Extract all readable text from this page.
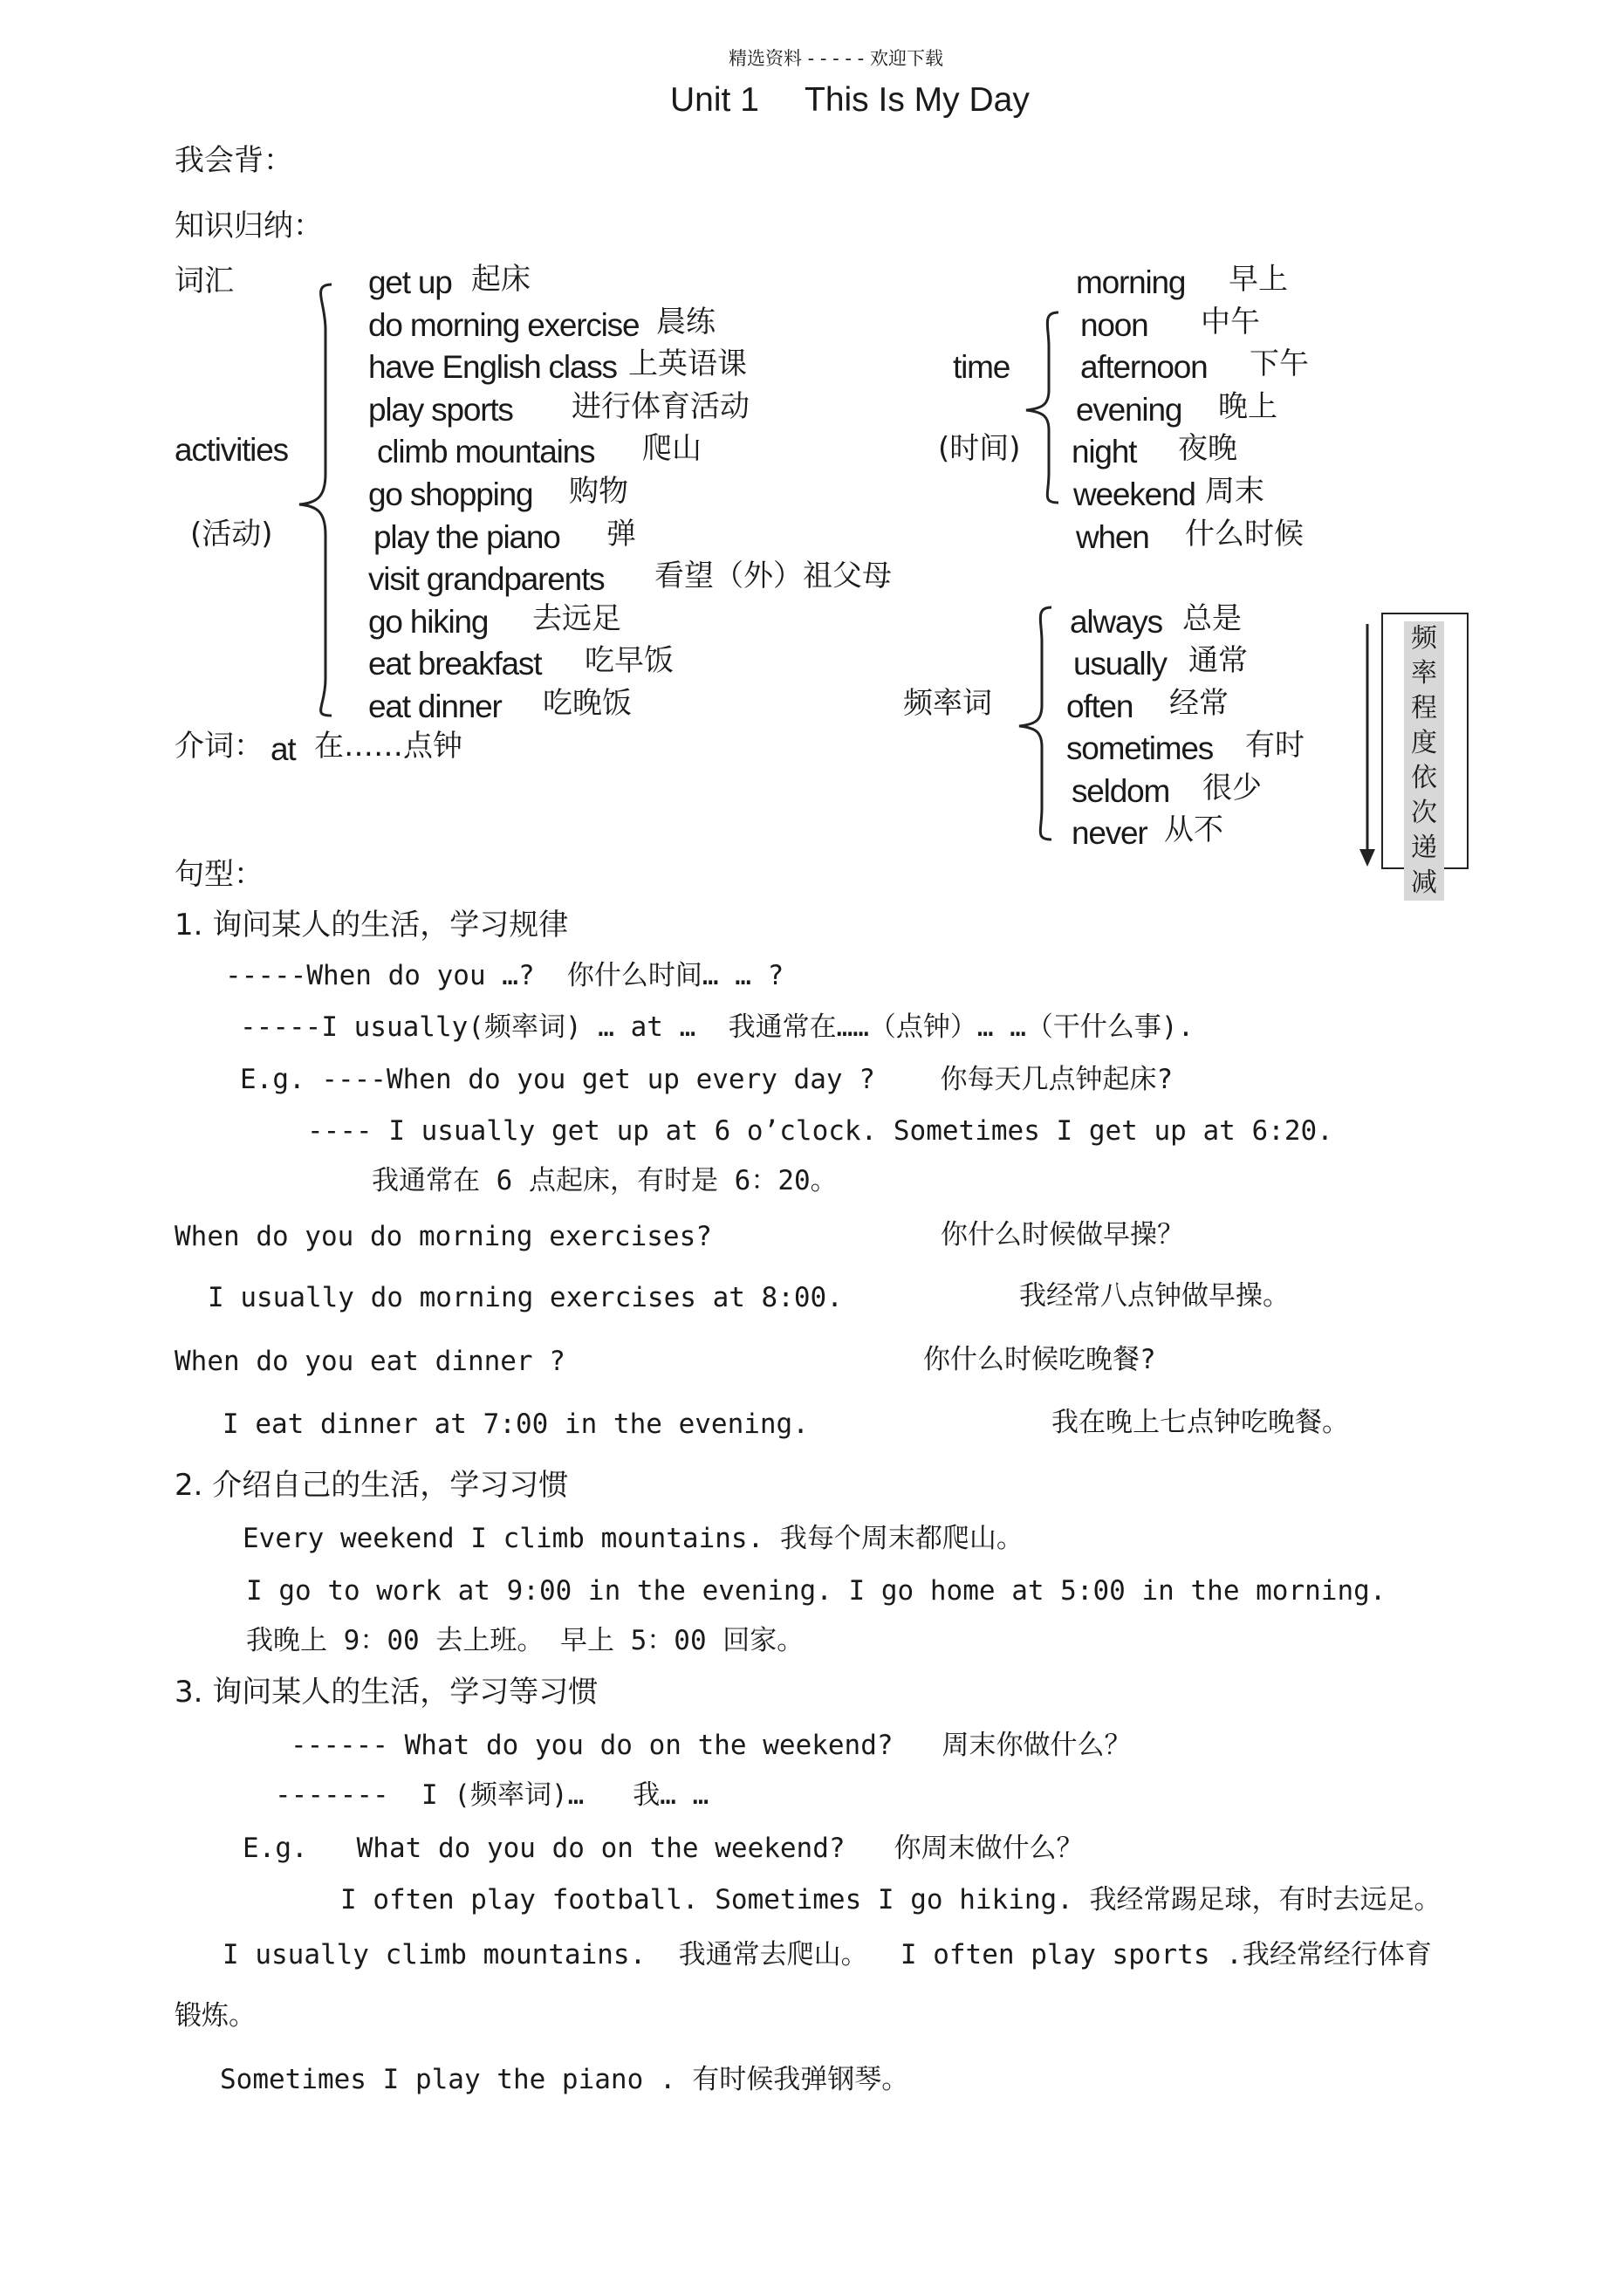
精选资料 - - - - - 欢迎下载
Unit 1 This Is My Day
我会背：
知识归纳：
词汇
activities
(活动)
get up 起床
do morning exercise 晨练
have English class 上英语课
play sports 进行体育活动
climb mountains 爬山
go shopping 购物
play the piano 弹
visit grandparents 看望（外）祖父母
go hiking 去远足
eat breakfast 吃早饭
eat dinner 吃晚饭
介词： at 在……点钟
time
(时间)
morning 早上
noon 中午
afternoon 下午
evening 晚上
night 夜晚
weekend 周末
when 什么时候
频率词
always 总是
usually 通常
often 经常
sometimes 有时
seldom 很少
never 从不
频
率
程
度
依
次
递
减
句型：
1. 询问某人的生活，学习规律
-----When do you …?  你什么时间… … ?
-----I usually(频率词) … at …  我通常在……（点钟）… …（干什么事).
E.g. ----When do you get up every day ?    你每天几点钟起床?
---- I usually get up at 6 o’clock. Sometimes I get up at 6:20.
我通常在 6 点起床，有时是 6：20。
When do you do morning exercises?	你什么时候做早操？
I usually do morning exercises at 8:00.	我经常八点钟做早操。
When do you eat dinner ?	你什么时候吃晚餐?
I eat dinner at 7:00 in the evening.	我在晚上七点钟吃晚餐。
2. 介绍自己的生活，学习习惯
Every weekend I climb mountains. 我每个周末都爬山。
I go to work at 9:00 in the evening. I go home at 5:00 in the morning.
我晚上 9：00 去上班。 早上 5：00 回家。
3. 询问某人的生活，学习等习惯
------ What do you do on the weekend?   周末你做什么？
-------  I (频率词)…   我… …
E.g.   What do you do on the weekend?   你周末做什么？
I often play football. Sometimes I go hiking. 我经常踢足球，有时去远足。
I usually climb mountains.  我通常去爬山。  I often play sports .我经常经行体育
锻炼。
Sometimes I play the piano . 有时候我弹钢琴。
